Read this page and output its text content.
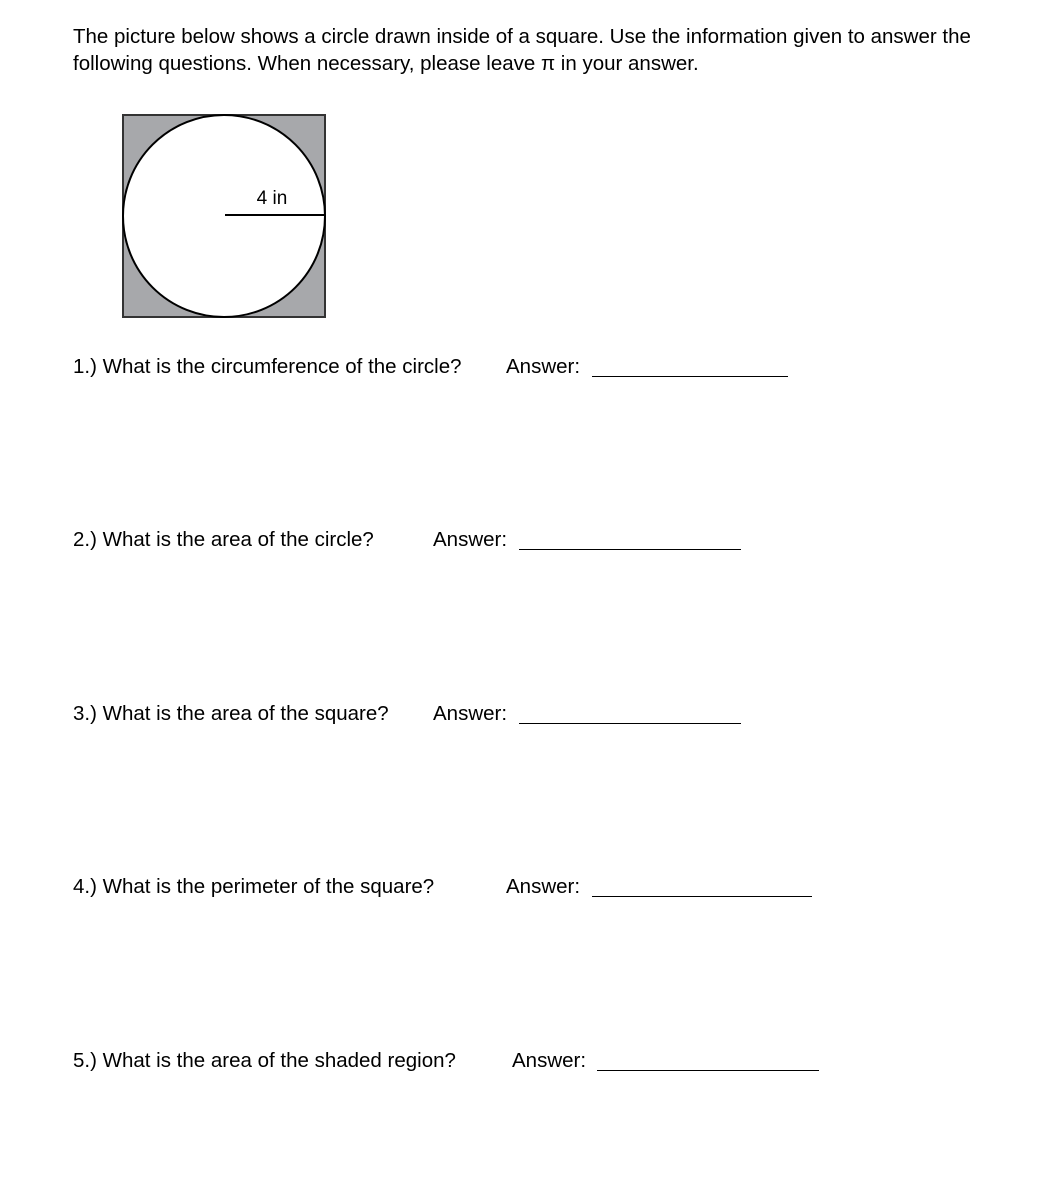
The picture below shows a circle drawn inside of a square. Use the information given to answer the following questions. When necessary, please leave π in your answer.

4 in
1.) What is the circumference of the circle? Answer:
2.) What is the area of the circle?	Answer:
3.) What is the area of the square? Answer:
4.) What is the perimeter of the square?	Answer:
5.) What is the area of the shaded region?	Answer:
